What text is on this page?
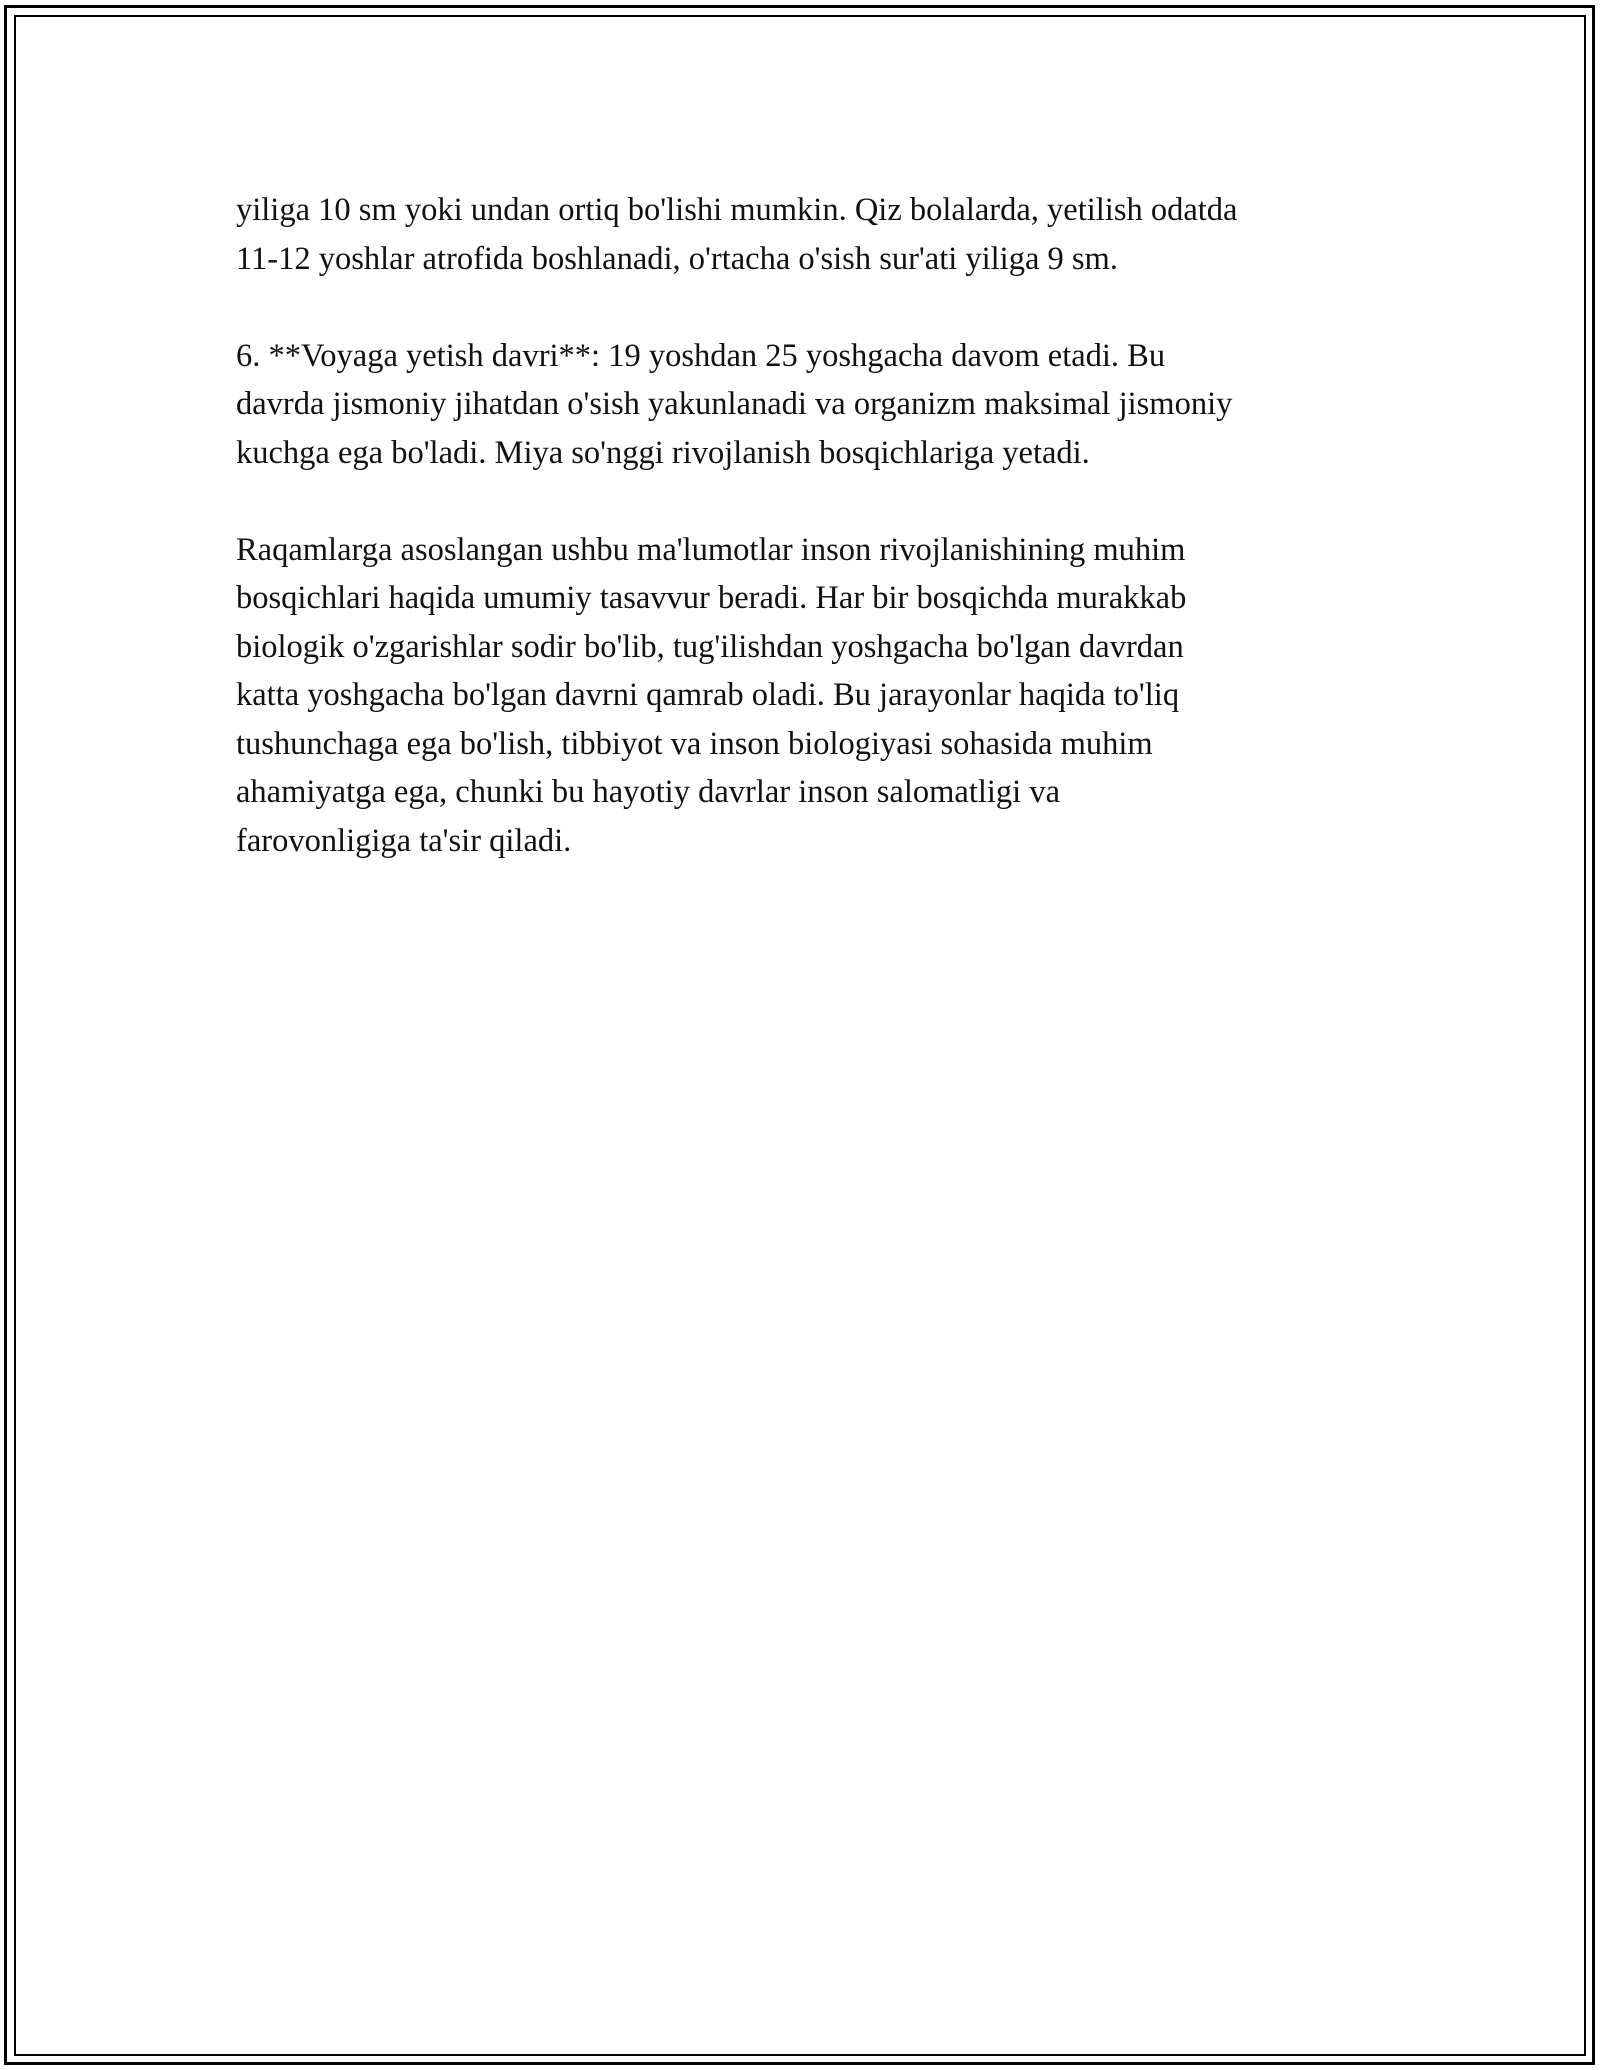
yiliga 10 sm yoki undan ortiq bo'lishi mumkin. Qiz bolalarda, yetilish odatda
11-12 yoshlar atrofida boshlanadi, o'rtacha o'sish sur'ati yiliga 9 sm.

6. **Voyaga yetish davri**: 19 yoshdan 25 yoshgacha davom etadi. Bu
davrda jismoniy jihatdan o'sish yakunlanadi va organizm maksimal jismoniy
kuchga ega bo'ladi. Miya so'nggi rivojlanish bosqichlariga yetadi.

Raqamlarga asoslangan ushbu ma'lumotlar inson rivojlanishining muhim
bosqichlari haqida umumiy tasavvur beradi. Har bir bosqichda murakkab
biologik o'zgarishlar sodir bo'lib, tug'ilishdan yoshgacha bo'lgan davrdan
katta yoshgacha bo'lgan davrni qamrab oladi. Bu jarayonlar haqida to'liq
tushunchaga ega bo'lish, tibbiyot va inson biologiyasi sohasida muhim
ahamiyatga ega, chunki bu hayotiy davrlar inson salomatligi va
farovonligiga ta'sir qiladi.
